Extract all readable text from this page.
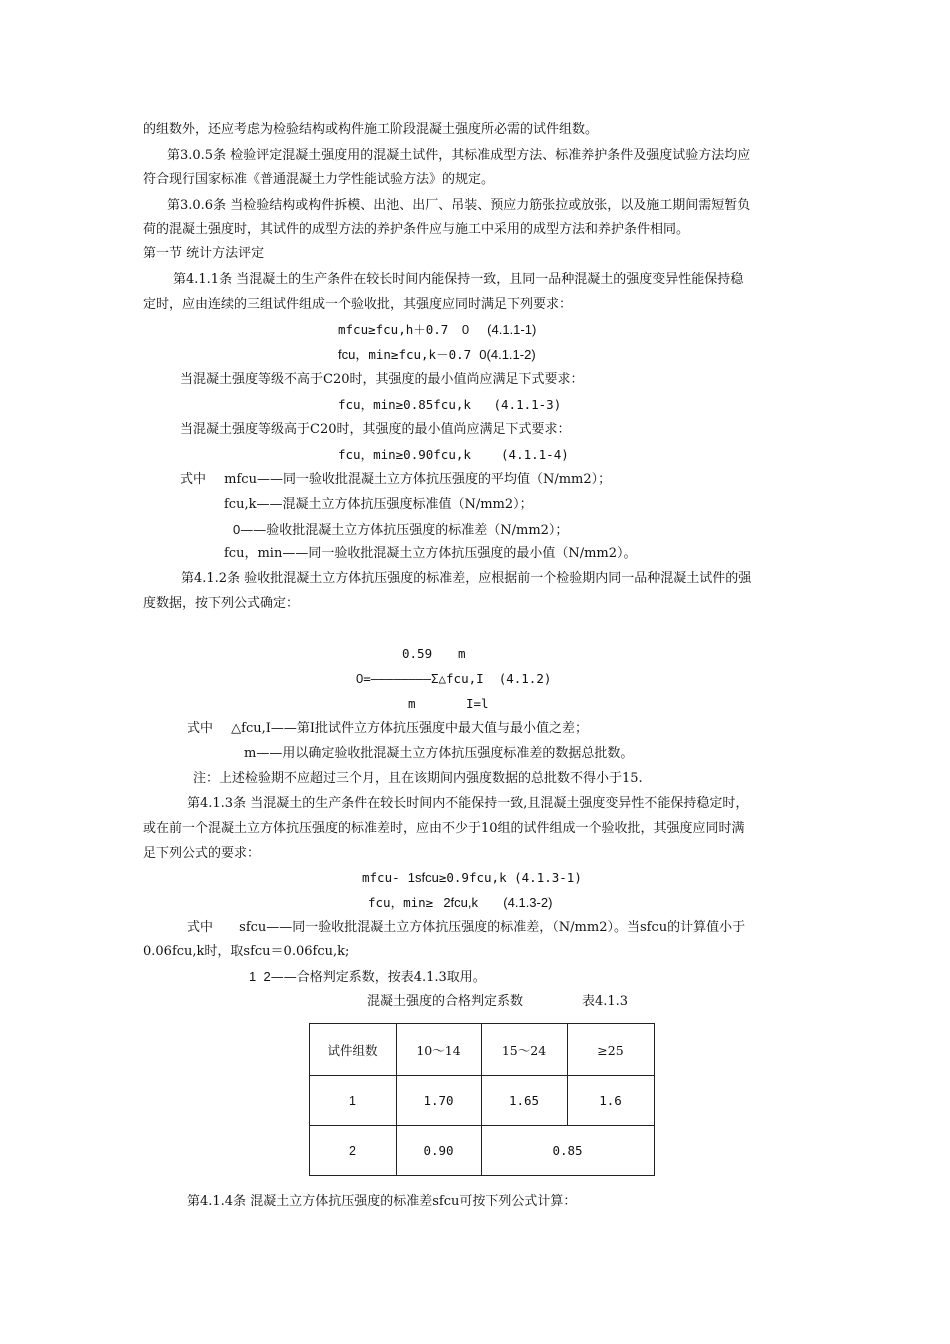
的组数外，还应考虑为检验结构或构件施工阶段混凝土强度所必需的试件组数。
第3.0.5条 检验评定混凝土强度用的混凝土试件，其标准成型方法、标准养护条件及强度试验方法均应
符合现行国家标准《普通混凝土力学性能试验方法》的规定。
第3.0.6条 当检验结构或构件拆模、出池、出厂、吊装、预应力筋张拉或放张，以及施工期间需短暂负
荷的混凝土强度时，其试件的成型方法的养护条件应与施工中采用的成型方法和养护条件相同。
第一节 统计方法评定
第4.1.1条 当混凝土的生产条件在较长时间内能保持一致，且同一品种混凝土的强度变异性能保持稳
定时，应由连续的三组试件组成一个验收批，其强度应同时满足下列要求：
mfcu≥fcu,h＋0.7 0     (4.1.1-1)
fcu，min≥fcu,k－0.7 0(4.1.1-2)
当混凝土强度等级不高于C20时，其强度的最小值尚应满足下式要求：
fcu，min≥0.85fcu,k   (4.1.1-3)
当混凝土强度等级高于C20时，其强度的最小值尚应满足下式要求：
fcu，min≥0.90fcu,k    (4.1.1-4)
式中 mfcu——同一验收批混凝土立方体抗压强度的平均值（N/mm2）；
fcu,k——混凝土立方体抗压强度标准值（N/mm2）；
0——验收批混凝土立方体抗压强度的标准差（N/mm2）；
fcu，min——同一验收批混凝土立方体抗压强度的最小值（N/mm2）。
第4.1.2条 验收批混凝土立方体抗压强度的标准差，应根据前一个检验期内同一品种混凝土试件的强
度数据，按下列公式确定：
0.59 m
0=――――――――Σ△fcu,I  (4.1.2)
m	I=l
式中 △fcu,I——第I批试件立方体抗压强度中最大值与最小值之差；
m——用以确定验收批混凝土立方体抗压强度标准差的数据总批数。
注：上述检验期不应超过三个月，且在该期间内强度数据的总批数不得小于15.
第4.1.3条 当混凝土的生产条件在较长时间内不能保持一致,且混凝土强度变异性不能保持稳定时，
或在前一个混凝土立方体抗压强度的标准差时，应由不少于10组的试件组成一个验收批，其强度应同时满
足下列公式的要求：
mfcu- 1sfcu≥0.9fcu,k (4.1.3-1)
fcu，min≥ 2fcu,k       (4.1.3-2)
式中 sfcu——同一验收批混凝土立方体抗压强度的标准差，（N/mm2）。当sfcu的计算值小于
0.06fcu,k时，取sfcu＝0.06fcu,k;
1  2——合格判定系数，按表4.1.3取用。
混凝土强度的合格判定系数	表4.1.3
试件组数	10～14	15～24	≥25
1	1.70	1.65	1.6
2	0.90	0.85
第4.1.4条 混凝土立方体抗压强度的标准差sfcu可按下列公式计算：
